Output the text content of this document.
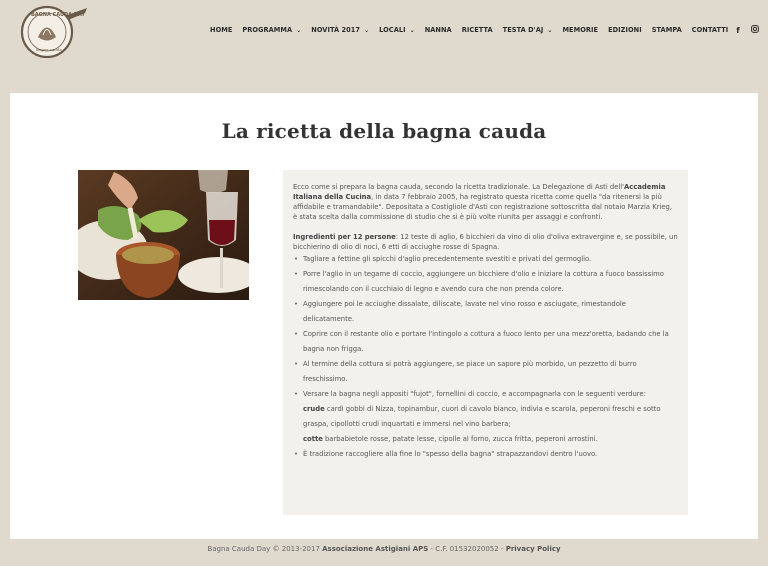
BAGNA CAUDA DAY
bagna caoda
HOME PROGRAMMA ⌄ NOVITÀ 2017 ⌄ LOCALI ⌄ NANNA RICETTA TESTA D'AJ ⌄ MEMORIE EDIZIONI STAMPA CONTATTI f
La ricetta della bagna cauda

Ecco come si prepara la bagna cauda, secondo la ricetta tradizionale. La Delegazione di Asti dell'Accademia Italiana della Cucina, in data 7 febbraio 2005, ha registrato questa ricetta come quella "da ritenersi la più affidabile e tramandabile". Depositata a Costigliole d'Asti con registrazione sottoscritta dal notaio Marzia Krieg, è stata scelta dalla commissione di studio che si è più volte riunita per assaggi e confronti.

Ingredienti per 12 persone: 12 teste di aglio, 6 bicchieri da vino di olio d'oliva extravergine e, se possibile, un bicchierino di olio di noci, 6 etti di acciughe rosse di Spagna.

• Tagliare a fettine gli spicchi d'aglio precedentemente svestiti e privati del germoglio.
• Porre l'aglio in un tegame di coccio, aggiungere un bicchiere d'olio e iniziare la cottura a fuoco bassissimo rimescolando con il cucchiaio di legno e avendo cura che non prenda colore.
• Aggiungere poi le acciughe dissalate, diliscate, lavate nel vino rosso e asciugate, rimestandole delicatamente.
• Coprire con il restante olio e portare l'intingolo a cottura a fuoco lento per una mezz'oretta, badando che la bagna non frigga.
• Al termine della cottura si potrà aggiungere, se piace un sapore più morbido, un pezzetto di burro freschissimo.
• Versare la bagna negli appositi "fujot", fornellini di coccio, e accompagnarla con le seguenti verdure:
crude cardi gobbi di Nizza, topinambur, cuori di cavolo bianco, indivia e scarola, peperoni freschi e sotto graspa, cipollotti crudi inquartati e immersi nel vino barbera;
cotte barbabietole rosse, patate lesse, cipolle al forno, zucca fritta, peperoni arrostini.
• È tradizione raccogliere alla fine lo "spesso della bagna" strapazzandovi dentro l'uovo.
Bagna Cauda Day © 2013-2017 Associazione Astigiani APS - C.F. 01532020052 - Privacy Policy
